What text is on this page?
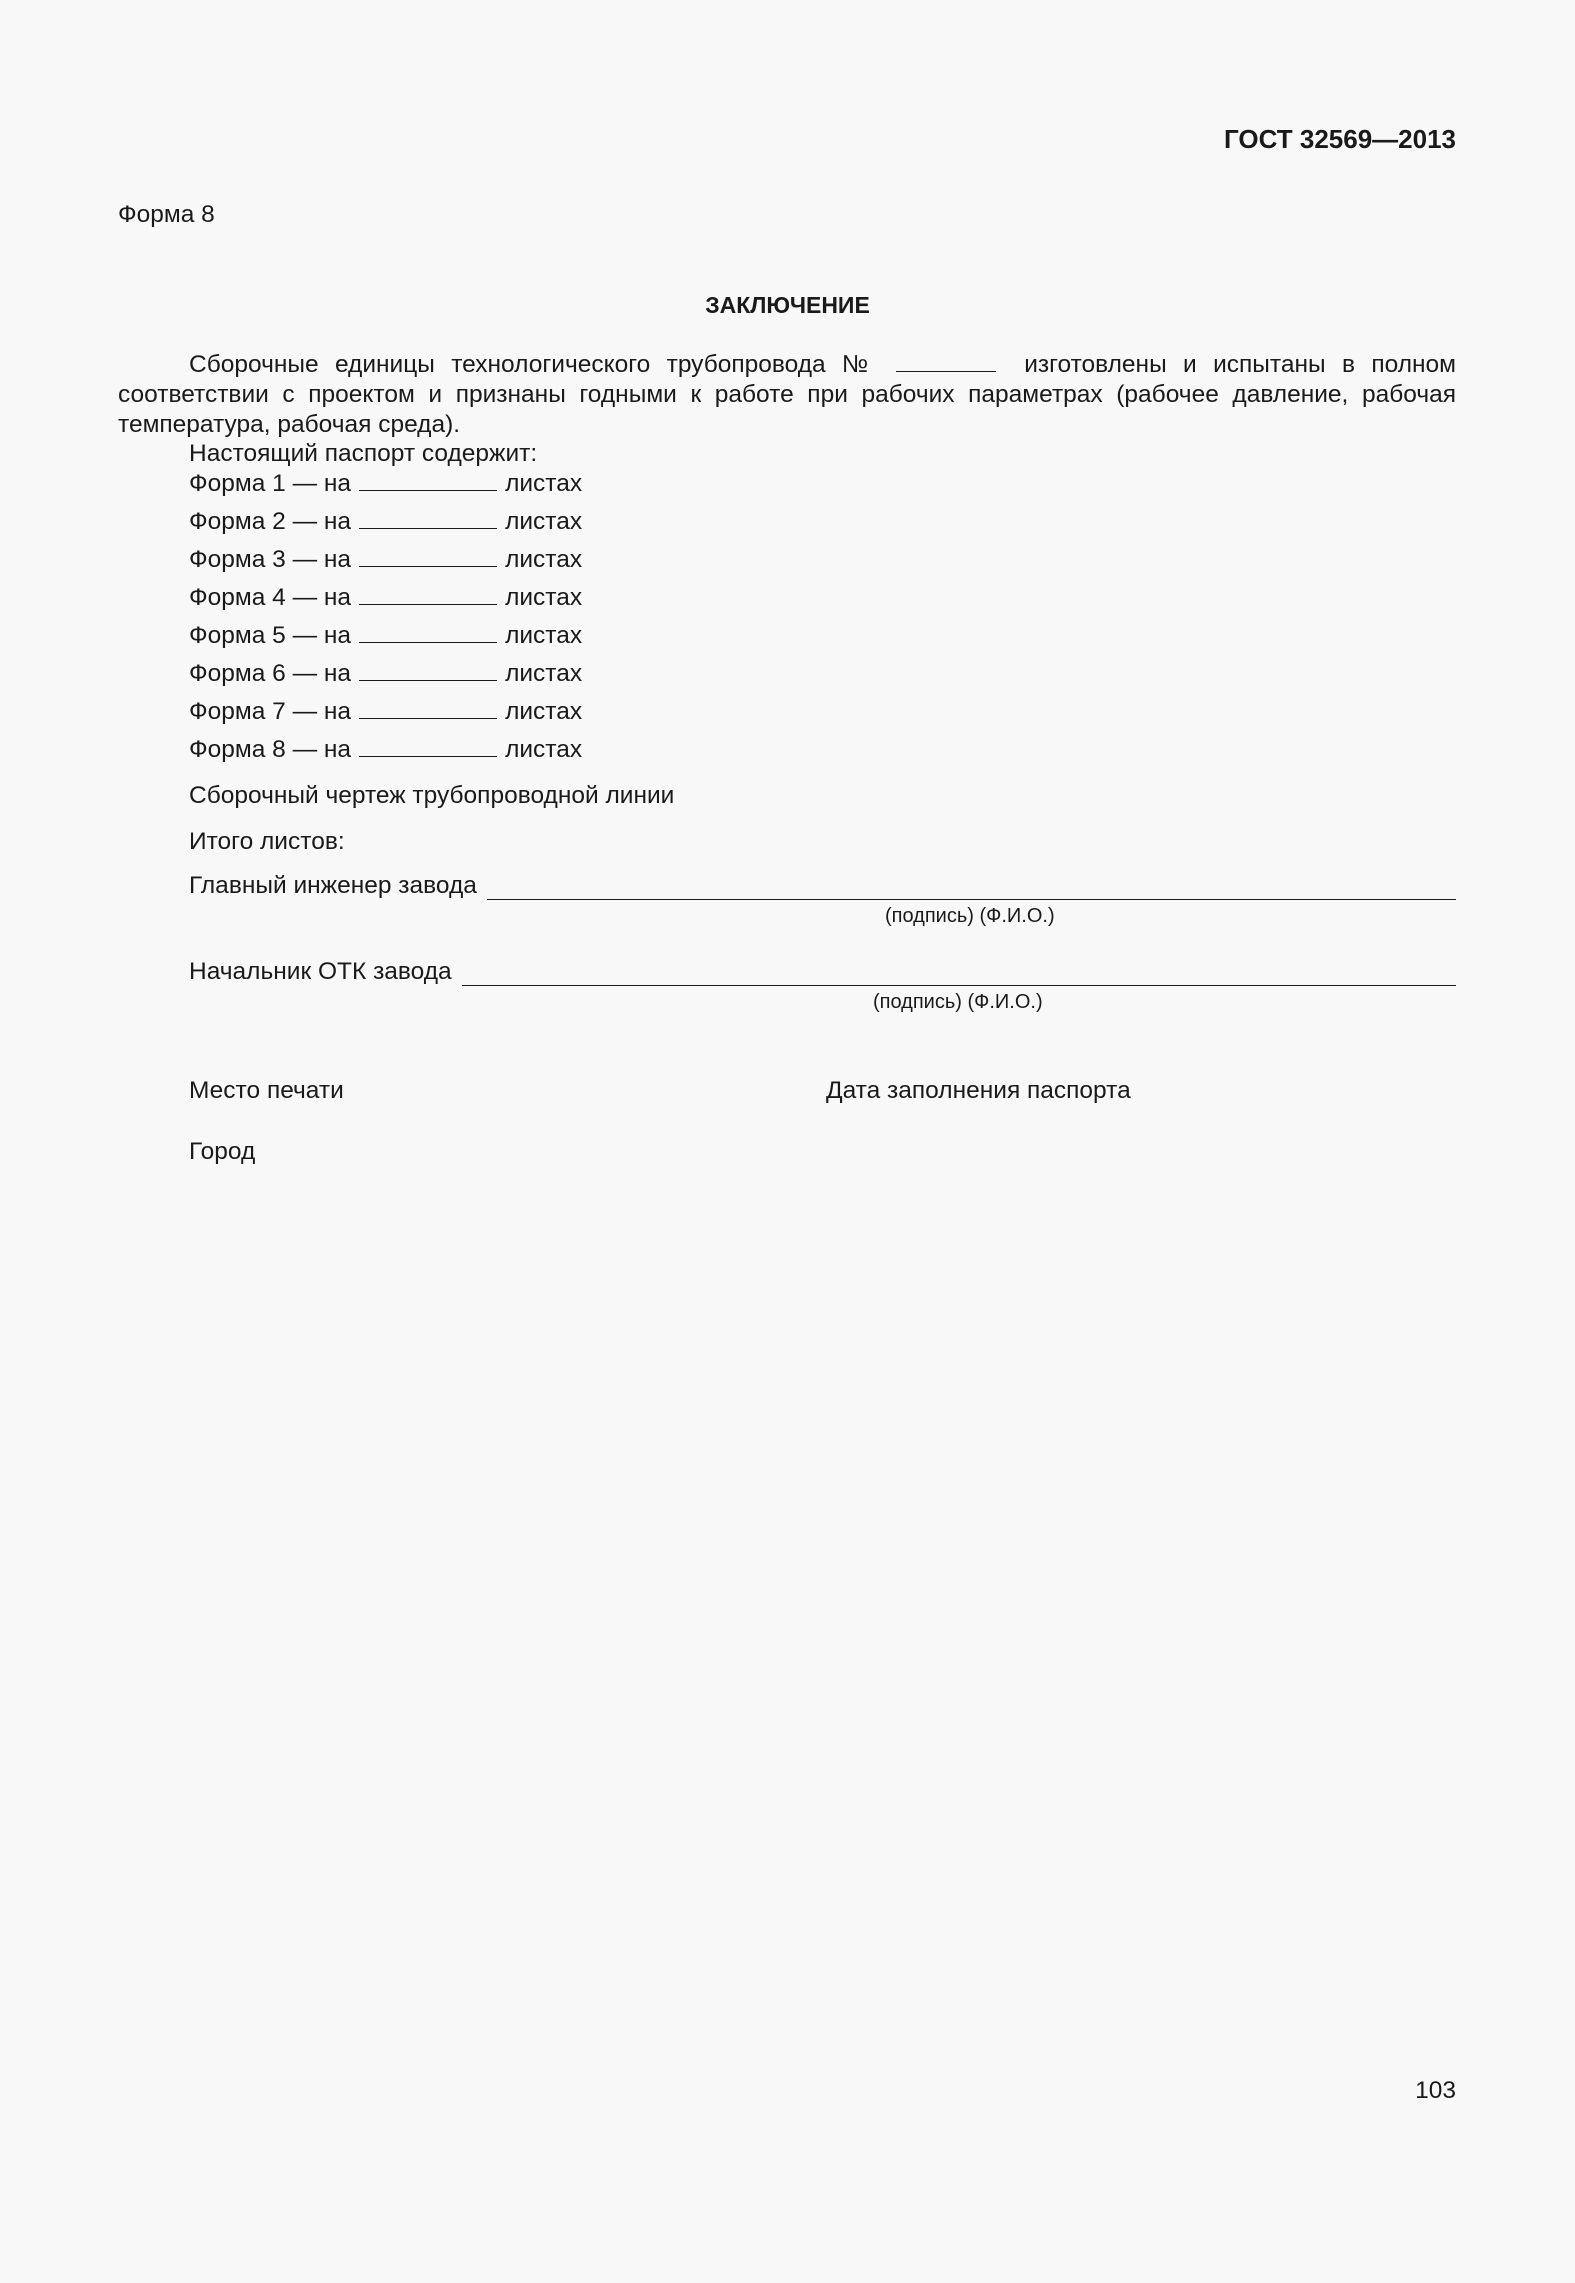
ГОСТ 32569—2013
Форма 8
ЗАКЛЮЧЕНИЕ
Сборочные единицы технологического трубопровода №	изготовлены и испытаны в полном соответствии с проектом и признаны годными к работе при рабочих параметрах (рабочее давление, рабочая температура, рабочая среда).
Настоящий паспорт содержит:
Форма 1 — на	листах
Форма 2 — на	листах
Форма 3 — на	листах
Форма 4 — на	листах
Форма 5 — на	листах
Форма 6 — на	листах
Форма 7 — на	листах
Форма 8 — на	листах
Сборочный чертеж трубопроводной линии
Итого листов:
Главный инженер завода
(подпись) (Ф.И.О.)
Начальник ОТК завода
(подпись) (Ф.И.О.)
Место печати	Дата заполнения паспорта
Город
103
